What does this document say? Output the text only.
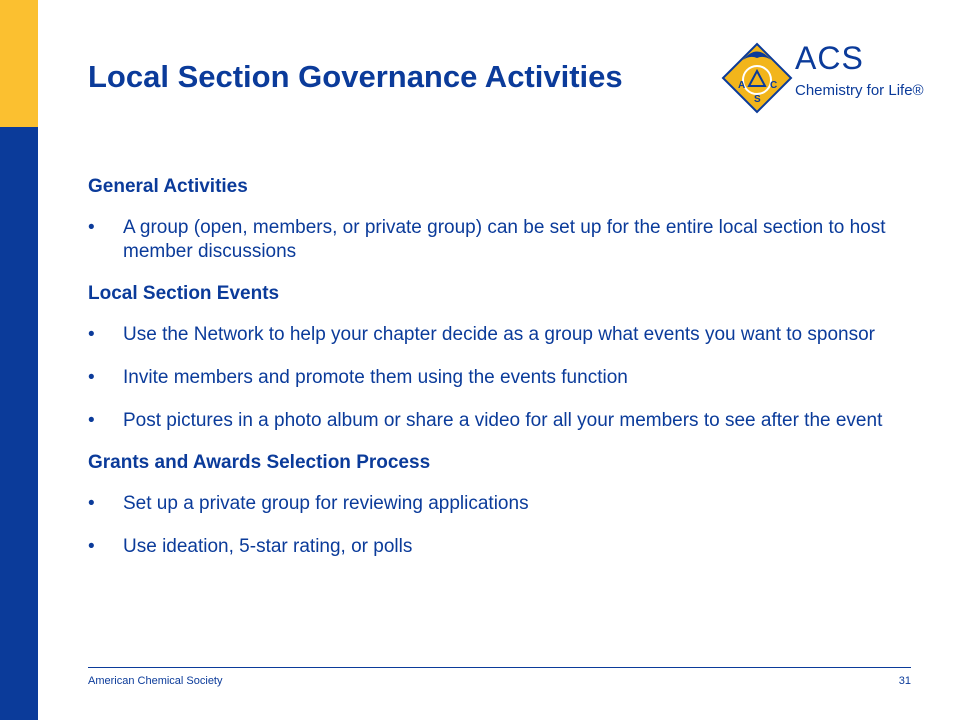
Local Section Governance Activities	A C
S
ACS
Chemistry for Life®
General Activities
• A group (open, members, or private group) can be set up for the entire local section to host member discussions
Local Section Events
• Use the Network to help your chapter decide as a group what events you want to sponsor
• Invite members and promote them using the events function
• Post pictures in a photo album or share a video for all your members to see after the event
Grants and Awards Selection Process
• Set up a private group for reviewing applications
• Use ideation, 5-star rating, or polls
American Chemical Society	31
